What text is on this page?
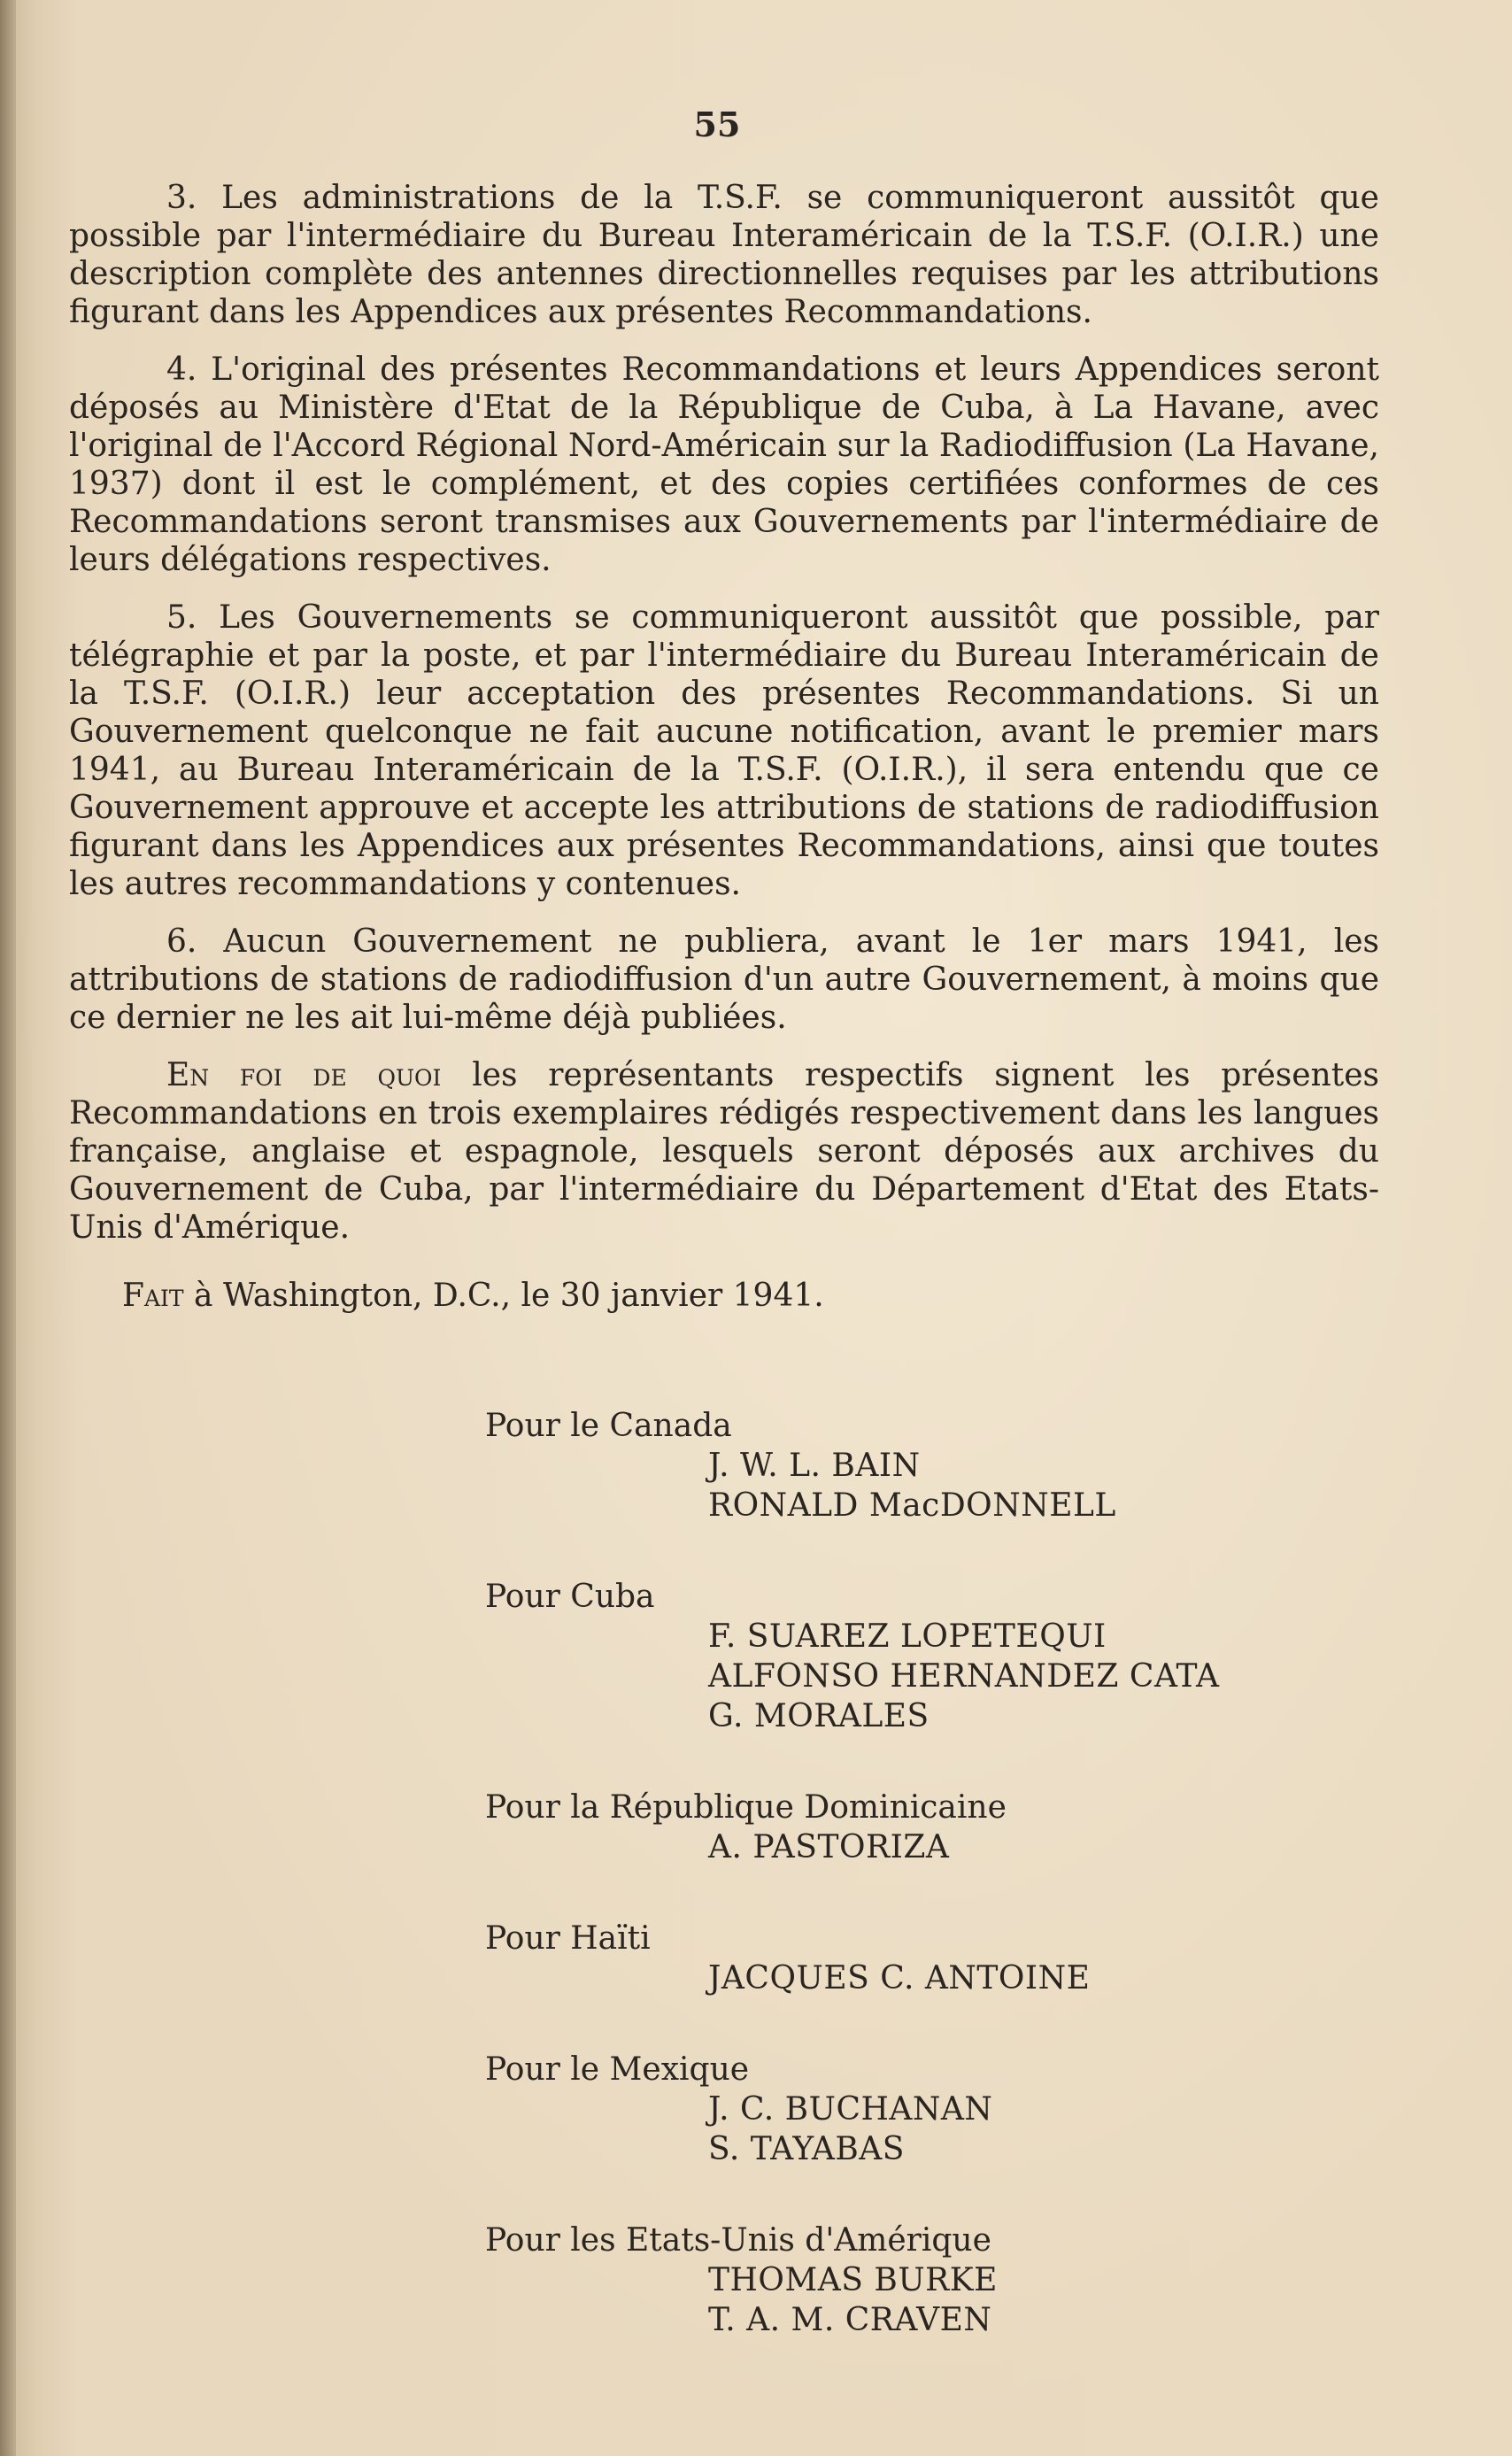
55

3. Les administrations de la T.S.F. se communiqueront aussitôt que possible par l'intermédiaire du Bureau Interaméricain de la T.S.F. (O.I.R.) une description complète des antennes directionnelles requises par les attributions figurant dans les Appendices aux présentes Recommandations.

4. L'original des présentes Recommandations et leurs Appendices seront déposés au Ministère d'Etat de la République de Cuba, à La Havane, avec l'original de l'Accord Régional Nord-Américain sur la Radiodiffusion (La Havane, 1937) dont il est le complément, et des copies certifiées conformes de ces Recommandations seront transmises aux Gouvernements par l'intermédiaire de leurs délégations respectives.

5. Les Gouvernements se communiqueront aussitôt que possible, par télégraphie et par la poste, et par l'intermédiaire du Bureau Interaméricain de la T.S.F. (O.I.R.) leur acceptation des présentes Recommandations. Si un Gouvernement quelconque ne fait aucune notification, avant le premier mars 1941, au Bureau Interaméricain de la T.S.F. (O.I.R.), il sera entendu que ce Gouvernement approuve et accepte les attributions de stations de radiodiffusion figurant dans les Appendices aux présentes Recommandations, ainsi que toutes les autres recommandations y contenues.

6. Aucun Gouvernement ne publiera, avant le 1er mars 1941, les attributions de stations de radiodiffusion d'un autre Gouvernement, à moins que ce dernier ne les ait lui-même déjà publiées.

En foi de quoi les représentants respectifs signent les présentes Recommandations en trois exemplaires rédigés respectivement dans les langues française, anglaise et espagnole, lesquels seront déposés aux archives du Gouvernement de Cuba, par l'intermédiaire du Département d'Etat des Etats-Unis d'Amérique.

Fait à Washington, D.C., le 30 janvier 1941.

Pour le Canada

J. W. L. BAIN
RONALD MacDONNELL

Pour Cuba

F. SUAREZ LOPETEQUI
ALFONSO HERNANDEZ CATA
G. MORALES

Pour la République Dominicaine

A. PASTORIZA

Pour Haïti

JACQUES C. ANTOINE

Pour le Mexique

J. C. BUCHANAN
S. TAYABAS

Pour les Etats-Unis d'Amérique

THOMAS BURKE
T. A. M. CRAVEN
